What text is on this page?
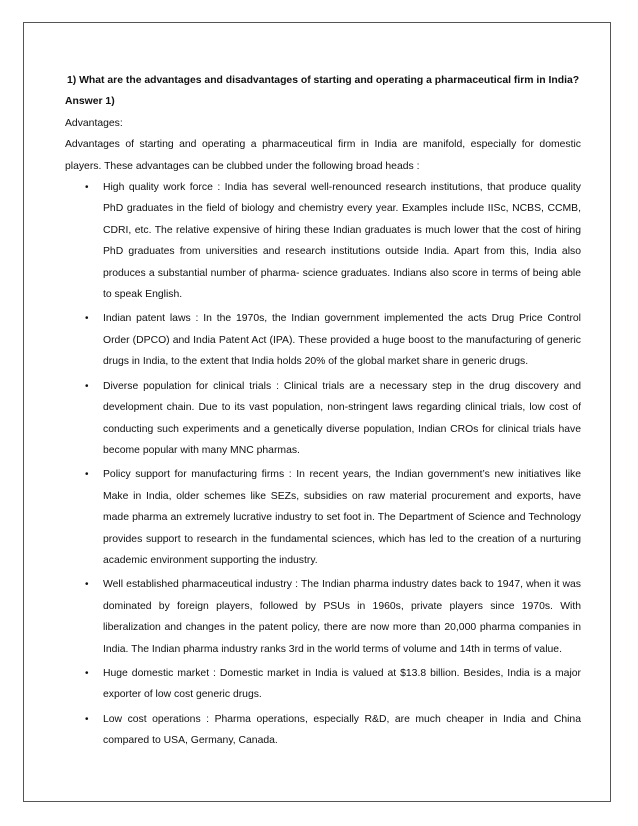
1) What are the advantages and disadvantages of starting and operating a pharmaceutical firm in India?

Answer 1)

Advantages:

Advantages of starting and operating a pharmaceutical firm in India are manifold, especially for domestic players. These advantages can be clubbed under the following broad heads :

• High quality work force : India has several well-renounced research institutions, that produce quality PhD graduates in the field of biology and chemistry every year. Examples include IISc, NCBS, CCMB, CDRI, etc. The relative expensive of hiring these Indian graduates is much lower that the cost of hiring PhD graduates from universities and research institutions outside India. Apart from this, India also produces a substantial number of pharma- science graduates. Indians also score in terms of being able to speak English.
• Indian patent laws : In the 1970s, the Indian government implemented the acts Drug Price Control Order (DPCO) and India Patent Act (IPA). These provided a huge boost to the manufacturing of generic drugs in India, to the extent that India holds 20% of the global market share in generic drugs.
• Diverse population for clinical trials : Clinical trials are a necessary step in the drug discovery and development chain. Due to its vast population, non-stringent laws regarding clinical trials, low cost of conducting such experiments and a genetically diverse population, Indian CROs for clinical trials have become popular with many MNC pharmas.
• Policy support for manufacturing firms : In recent years, the Indian government’s new initiatives like Make in India, older schemes like SEZs, subsidies on raw material procurement and exports, have made pharma an extremely lucrative industry to set foot in. The Department of Science and Technology provides support to research in the fundamental sciences, which has led to the creation of a nurturing academic environment supporting the industry.
• Well established pharmaceutical industry : The Indian pharma industry dates back to 1947, when it was dominated by foreign players, followed by PSUs in 1960s, private players since 1970s. With liberalization and changes in the patent policy, there are now more than 20,000 pharma companies in India. The Indian pharma industry ranks 3rd in the world terms of volume and 14th in terms of value.
• Huge domestic market : Domestic market in India is valued at $13.8 billion. Besides, India is a major exporter of low cost generic drugs.
• Low cost operations : Pharma operations, especially R&D, are much cheaper in India and China compared to USA, Germany, Canada.
